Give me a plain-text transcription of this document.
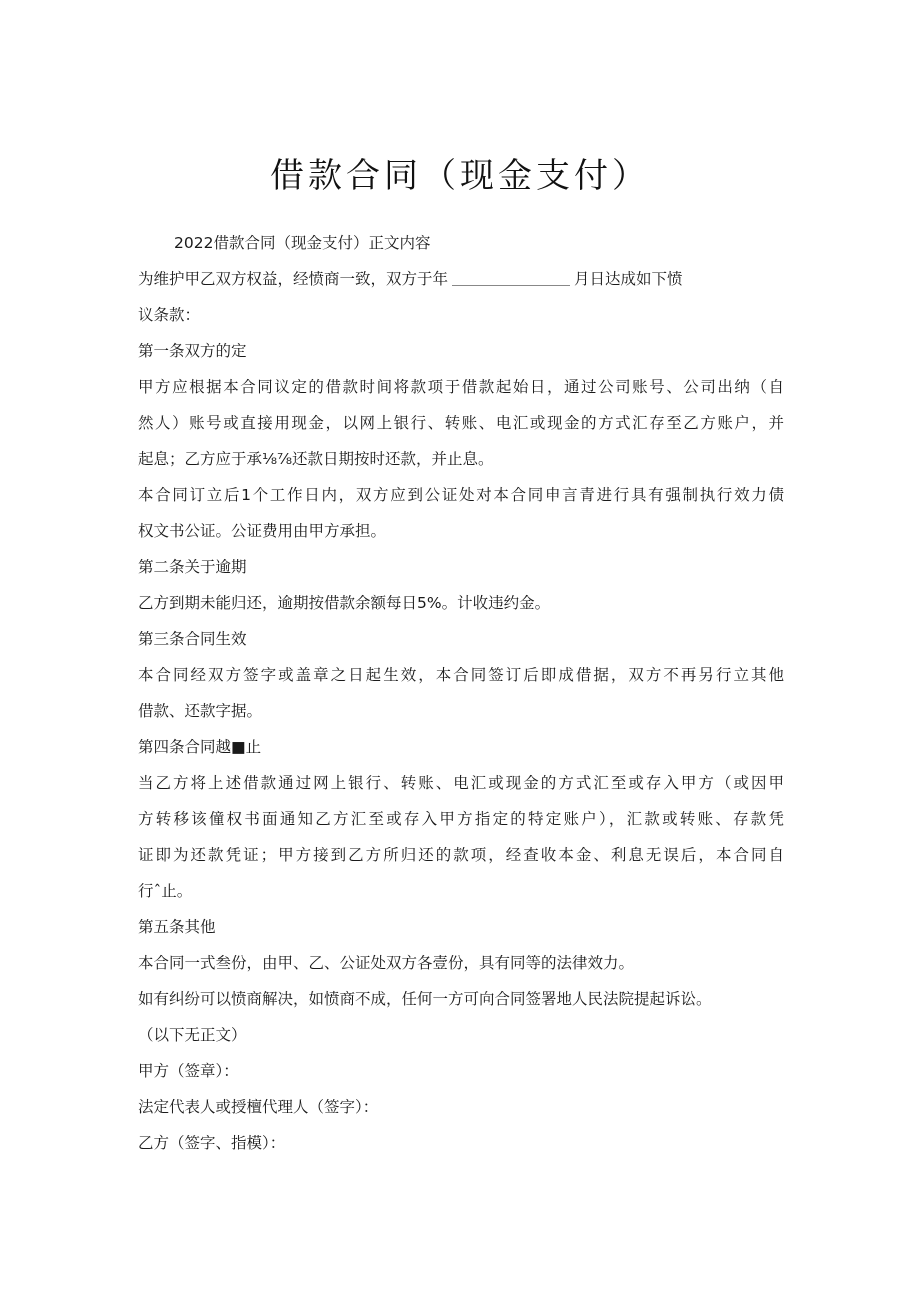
借款合同（现金支付）
2022借款合同（现金支付）正文内容
为维护甲乙双方权益，经愤商一致，双方于年	月日达成如下愤
议条款：
第一条双方的定
甲方应根据本合同议定的借款时间将款项于借款起始日，通过公司账号、公司出纳（自
然人）账号或直接用现金，以网上银行、转账、电汇或现金的方式汇存至乙方账户，并
起息；乙方应于承⅛⅞还款日期按时还款，并止息。
本合同订立后1个工作日内，双方应到公证处对本合同申言青进行具有强制执行效力债
权文书公证。公证费用由甲方承担。
第二条关于逾期
乙方到期未能归还，逾期按借款余额每日5%。计收违约金。
第三条合同生效
本合同经双方签字或盖章之日起生效，本合同签订后即成借据，双方不再另行立其他
借款、还款字据。
第四条合同越■止
当乙方将上述借款通过网上银行、转账、电汇或现金的方式汇至或存入甲方（或因甲
方转移该僮权书面通知乙方汇至或存入甲方指定的特定账户），汇款或转账、存款凭
证即为还款凭证；甲方接到乙方所归还的款项，经查收本金、利息无误后，本合同自
行ˆ止。
第五条其他
本合同一式叁份，由甲、乙、公证处双方各壹份，具有同等的法律效力。
如有纠纷可以愤商解决，如愤商不成，任何一方可向合同签署地人民法院提起诉讼。
（以下无正文）
甲方（签章）：
法定代表人或授檀代理人（签字）：
乙方（签字、指模）：
